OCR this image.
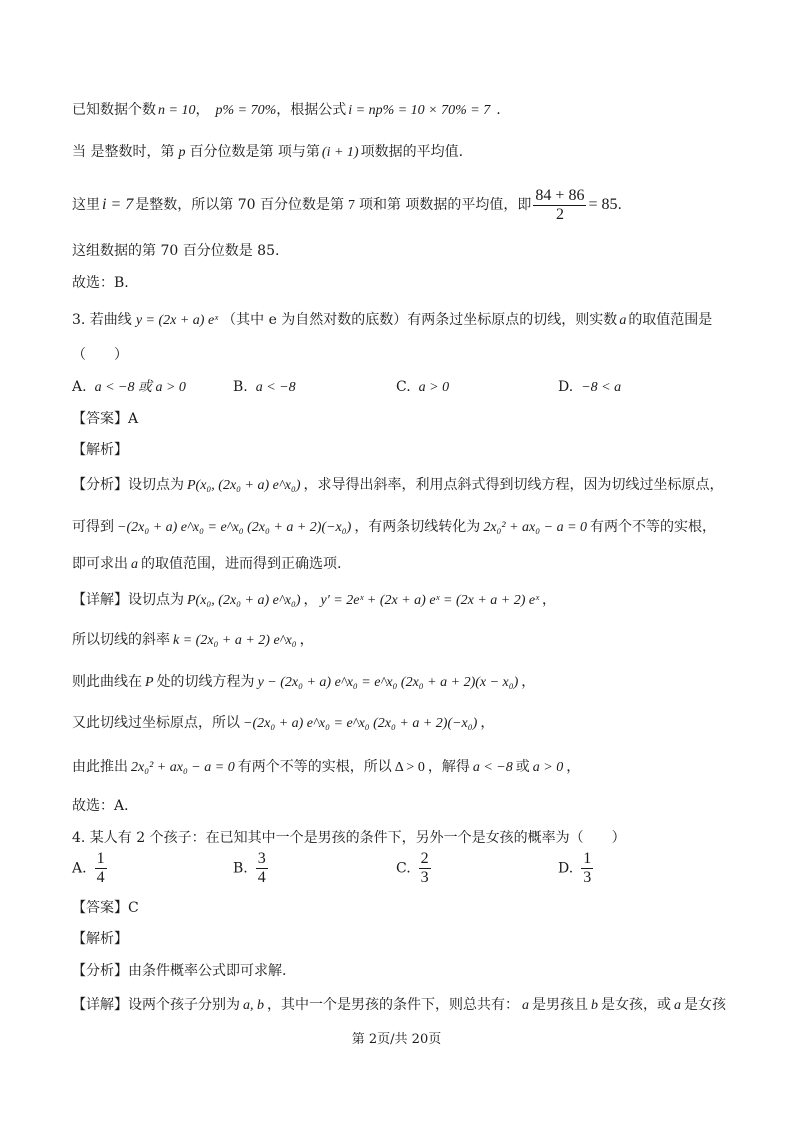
已知数据个数 n = 10， p% = 70%，根据公式 i = np% = 10 × 70% = 7 .
当 是整数时，第 p 百分位数是第 项与第 (i + 1) 项数据的平均值.
这里 i = 7 是整数，所以第 70 百分位数是第 7 项和第 项数据的平均值，即 $\frac{84 + 86}{2} = 85$.
这组数据的第 70 百分位数是 85.
故选：B.
3. 若曲线 y = (2x + a) eˣ （其中 e 为自然对数的底数）有两条过坐标原点的切线，则实数 a 的取值范围是
（　　）
A. a < −8 或 a > 0	B. a < −8	C. a > 0	D. −8 < a
【答案】A
【解析】
【分析】设切点为 P(x₀, (2x₀ + a) e^x₀) ，求导得出斜率，利用点斜式得到切线方程，因为切线过坐标原点，
可得到 −(2x₀ + a) e^x₀ = e^x₀ (2x₀ + a + 2)(−x₀) ，有两条切线转化为 2x₀² + ax₀ − a = 0 有两个不等的实根，
即可求出 a 的取值范围，进而得到正确选项.
【详解】设切点为 P(x₀, (2x₀ + a) e^x₀) ， y′ = 2eˣ + (2x + a) eˣ = (2x + a + 2) eˣ ，
所以切线的斜率 k = (2x₀ + a + 2) e^x₀ ，
则此曲线在 P 处的切线方程为 y − (2x₀ + a) e^x₀ = e^x₀ (2x₀ + a + 2)(x − x₀) ，
又此切线过坐标原点，所以 −(2x₀ + a) e^x₀ = e^x₀ (2x₀ + a + 2)(−x₀) ，
由此推出 2x₀² + ax₀ − a = 0 有两个不等的实根，所以 Δ > 0 ，解得 a < −8 或 a > 0 ，
故选：A．
4. 某人有 2 个孩子：在已知其中一个是男孩的条件下，另外一个是女孩的概率为（　　）
A. $\frac{1}{4}$	B. $\frac{3}{4}$	C. $\frac{2}{3}$	D. $\frac{1}{3}$
【答案】C
【解析】
【分析】由条件概率公式即可求解.
【详解】设两个孩子分别为 a, b ，其中一个是男孩的条件下，则总共有： a 是男孩且 b 是女孩，或 a 是女孩
第 2页/共 20页
